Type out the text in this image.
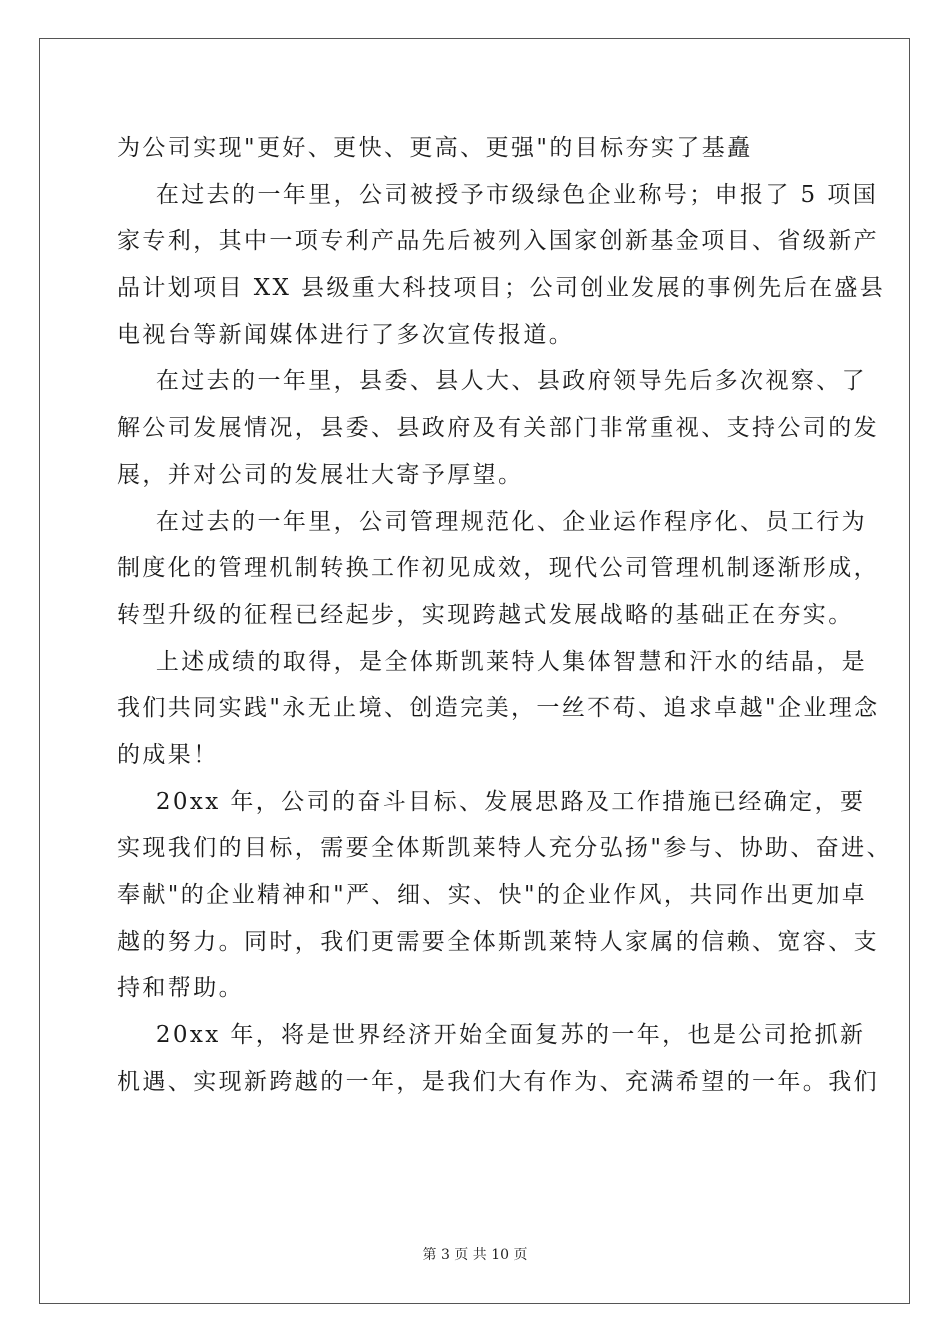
为公司实现"更好、更快、更高、更强"的目标夯实了基矗
在过去的一年里，公司被授予市级绿色企业称号；申报了 5 项国
家专利，其中一项专利产品先后被列入国家创新基金项目、省级新产
品计划项目 XX 县级重大科技项目；公司创业发展的事例先后在盛县
电视台等新闻媒体进行了多次宣传报道。
在过去的一年里，县委、县人大、县政府领导先后多次视察、了
解公司发展情况，县委、县政府及有关部门非常重视、支持公司的发
展，并对公司的发展壮大寄予厚望。
在过去的一年里，公司管理规范化、企业运作程序化、员工行为
制度化的管理机制转换工作初见成效，现代公司管理机制逐渐形成，
转型升级的征程已经起步，实现跨越式发展战略的基础正在夯实。
上述成绩的取得，是全体斯凯莱特人集体智慧和汗水的结晶，是
我们共同实践"永无止境、创造完美，一丝不苟、追求卓越"企业理念
的成果！
20xx 年，公司的奋斗目标、发展思路及工作措施已经确定，要
实现我们的目标，需要全体斯凯莱特人充分弘扬"参与、协助、奋进、
奉献"的企业精神和"严、细、实、快"的企业作风，共同作出更加卓
越的努力。同时，我们更需要全体斯凯莱特人家属的信赖、宽容、支
持和帮助。
20xx 年，将是世界经济开始全面复苏的一年，也是公司抢抓新
机遇、实现新跨越的一年，是我们大有作为、充满希望的一年。我们
第 3 页 共 10 页
